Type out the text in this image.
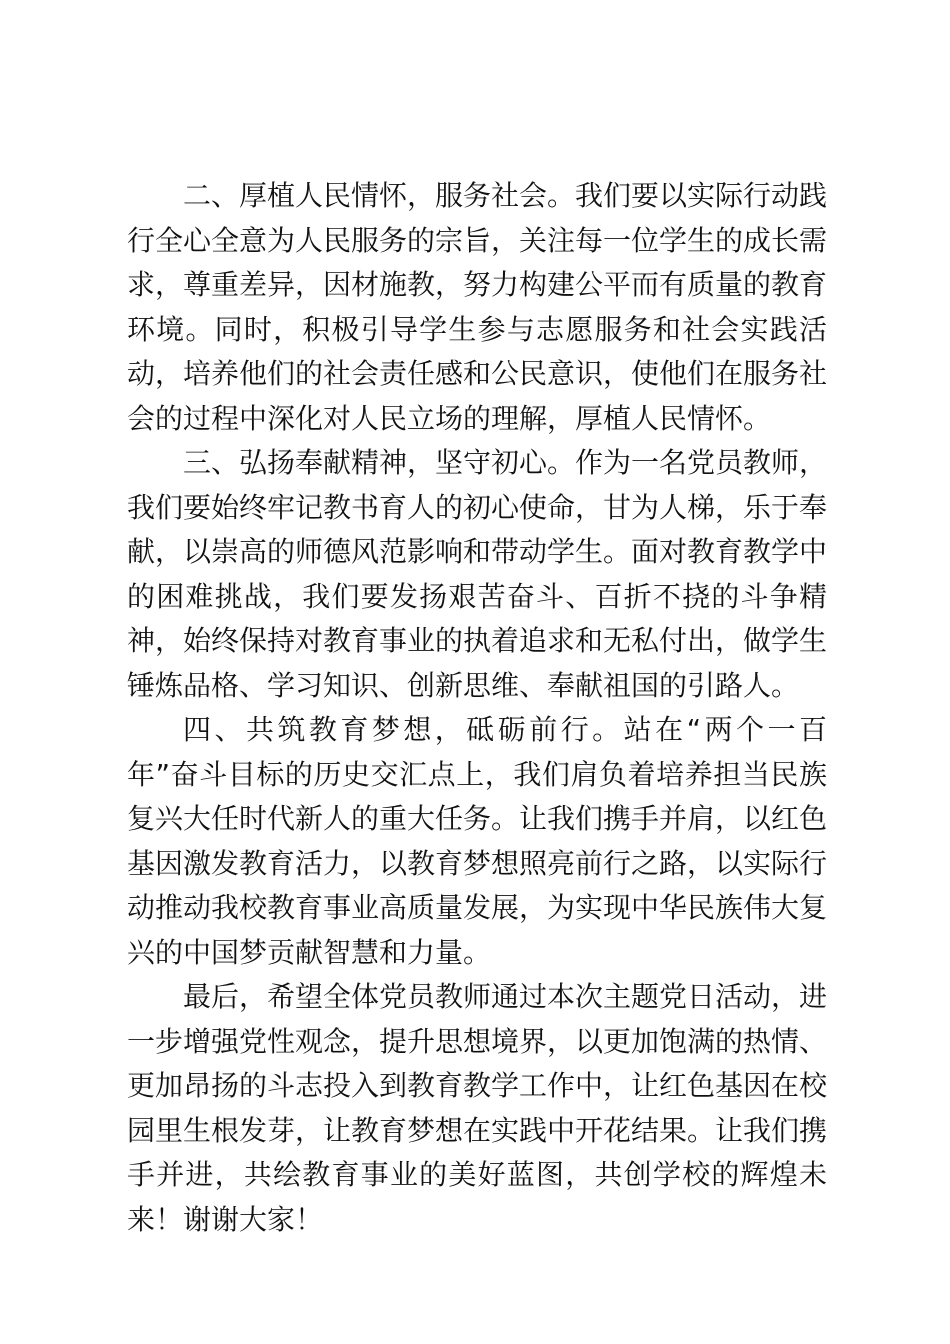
二、厚植人民情怀，服务社会。我们要以实际行动践行全心全意为人民服务的宗旨，关注每一位学生的成长需求，尊重差异，因材施教，努力构建公平而有质量的教育环境。同时，积极引导学生参与志愿服务和社会实践活动，培养他们的社会责任感和公民意识，使他们在服务社会的过程中深化对人民立场的理解，厚植人民情怀。

三、弘扬奉献精神，坚守初心。作为一名党员教师，我们要始终牢记教书育人的初心使命，甘为人梯，乐于奉献，以崇高的师德风范影响和带动学生。面对教育教学中的困难挑战，我们要发扬艰苦奋斗、百折不挠的斗争精神，始终保持对教育事业的执着追求和无私付出，做学生锤炼品格、学习知识、创新思维、奉献祖国的引路人。

四、共筑教育梦想，砥砺前行。站在“两个一百年”奋斗目标的历史交汇点上，我们肩负着培养担当民族复兴大任时代新人的重大任务。让我们携手并肩，以红色基因激发教育活力，以教育梦想照亮前行之路，以实际行动推动我校教育事业高质量发展，为实现中华民族伟大复兴的中国梦贡献智慧和力量。

最后，希望全体党员教师通过本次主题党日活动，进一步增强党性观念，提升思想境界，以更加饱满的热情、更加昂扬的斗志投入到教育教学工作中，让红色基因在校园里生根发芽，让教育梦想在实践中开花结果。让我们携手并进，共绘教育事业的美好蓝图，共创学校的辉煌未来！谢谢大家！
